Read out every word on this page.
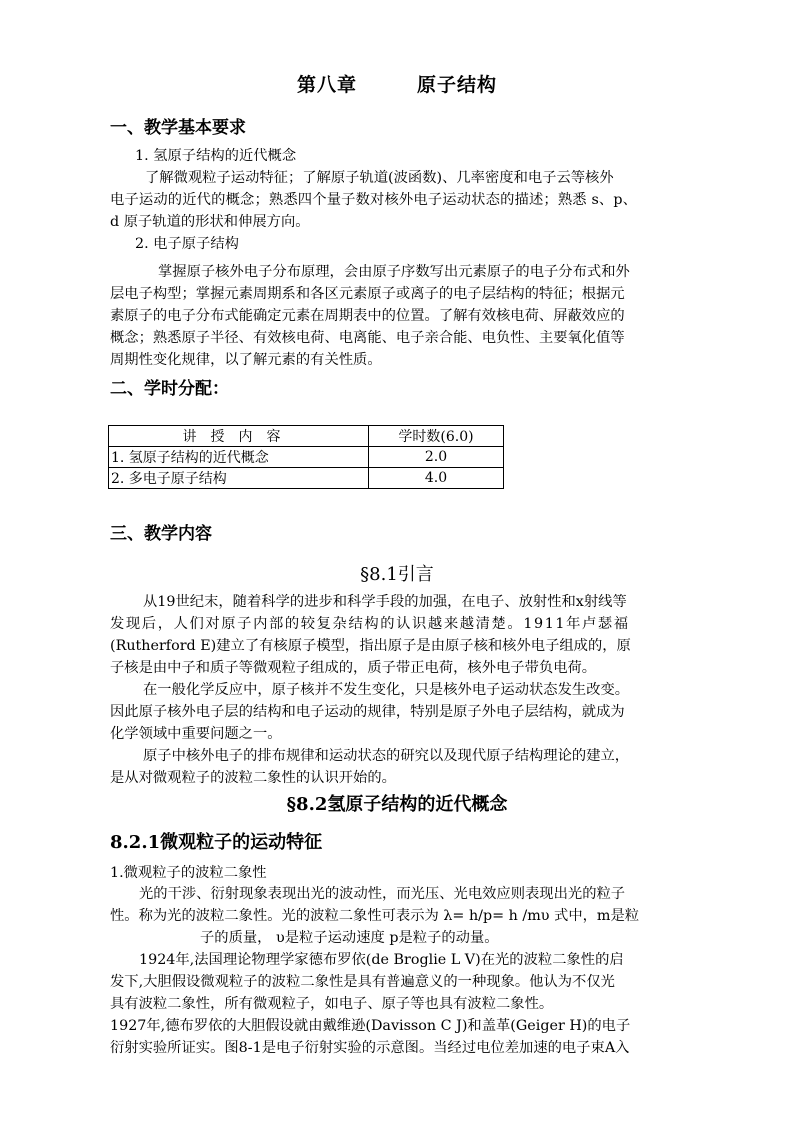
第八章	原子结构
一、教学基本要求
1. 氢原子结构的近代概念
了解微观粒子运动特征；了解原子轨道(波函数)、几率密度和电子云等核外
电子运动的近代的概念；熟悉四个量子数对核外电子运动状态的描述；熟悉 s、p、
d 原子轨道的形状和伸展方向。
2. 电子原子结构
掌握原子核外电子分布原理，会由原子序数写出元素原子的电子分布式和外
层电子构型；掌握元素周期系和各区元素原子或离子的电子层结构的特征；根据元
素原子的电子分布式能确定元素在周期表中的位置。了解有效核电荷、屏蔽效应的
概念；熟悉原子半径、有效核电荷、电离能、电子亲合能、电负性、主要氧化值等
周期性变化规律，以了解元素的有关性质。
二、学时分配：
讲授内容	学时数(6.0)
1. 氢原子结构的近代概念	2.0
2. 多电子原子结构	4.0
三、教学内容
§8.1引言
从19世纪末，随着科学的进步和科学手段的加强，在电子、放射性和x射线等
发现后，人们对原子内部的较复杂结构的认识越来越清楚。1911年卢瑟福
(Rutherford E)建立了有核原子模型，指出原子是由原子核和核外电子组成的，原
子核是由中子和质子等微观粒子组成的，质子带正电荷，核外电子带负电荷。
在一般化学反应中，原子核并不发生变化，只是核外电子运动状态发生改变。
因此原子核外电子层的结构和电子运动的规律，特别是原子外电子层结构，就成为
化学领域中重要问题之一。
原子中核外电子的排布规律和运动状态的研究以及现代原子结构理论的建立，
是从对微观粒子的波粒二象性的认识开始的。
§8.2氢原子结构的近代概念
8.2.1微观粒子的运动特征
1.微观粒子的波粒二象性
光的干涉、衍射现象表现出光的波动性，而光压、光电效应则表现出光的粒子
性。称为光的波粒二象性。光的波粒二象性可表示为 λ= h/p= h /mυ 式中，m是粒
子的质量， υ是粒子运动速度 p是粒子的动量。
1924年,法国理论物理学家德布罗依(de Broglie L V)在光的波粒二象性的启
发下,大胆假设微观粒子的波粒二象性是具有普遍意义的一种现象。他认为不仅光
具有波粒二象性，所有微观粒子，如电子、原子等也具有波粒二象性。
1927年,德布罗依的大胆假设就由戴维逊(Davisson C J)和盖革(Geiger H)的电子
衍射实验所证实。图8-1是电子衍射实验的示意图。当经过电位差加速的电子束A入
